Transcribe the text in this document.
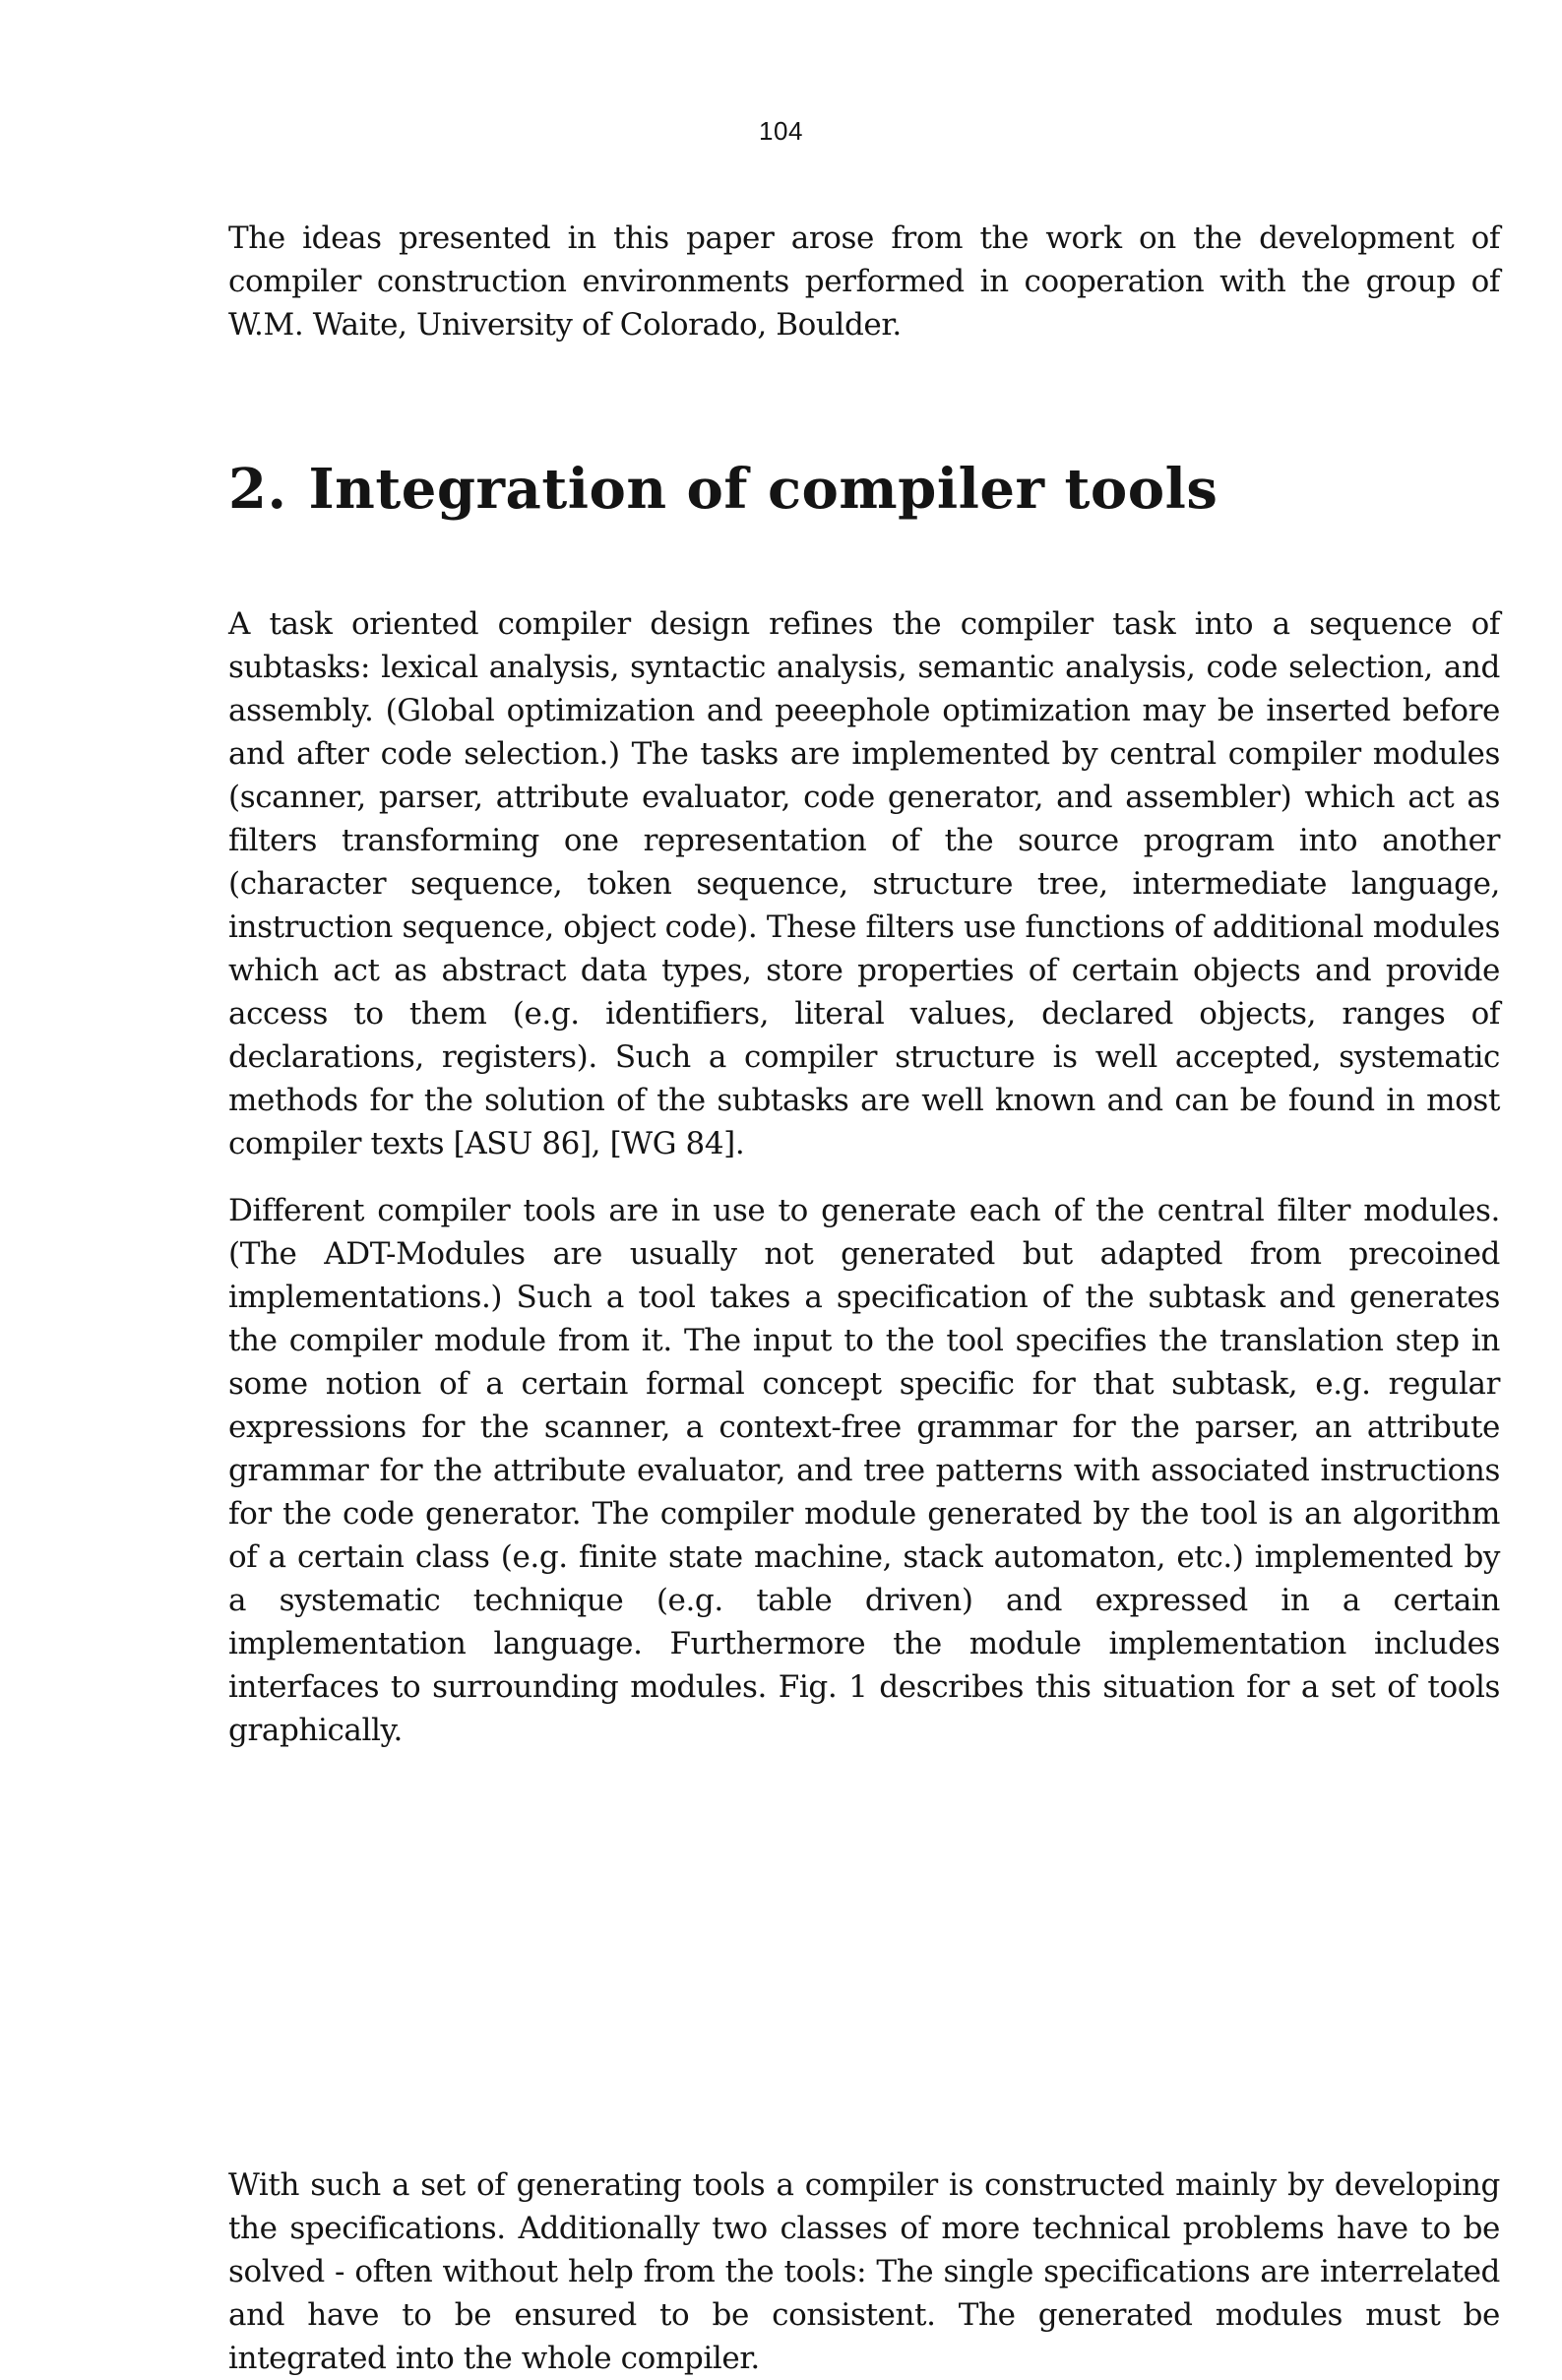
104

The ideas presented in this paper arose from the work on the development of compiler construction environments performed in cooperation with the group of W.M. Waite, University of Colorado, Boulder.

2. Integration of compiler tools

A task oriented compiler design refines the compiler task into a sequence of subtasks: lexical analysis, syntactic analysis, semantic analysis, code selection, and assembly. (Global optimization and peeephole optimization may be inserted before and after code selection.) The tasks are implemented by central compiler modules (scanner, parser, attribute evaluator, code generator, and assembler) which act as filters transforming one representation of the source program into another (character sequence, token sequence, structure tree, intermediate language, instruction sequence, object code). These filters use functions of additional modules which act as abstract data types, store properties of certain objects and provide access to them (e.g. identifiers, literal values, declared objects, ranges of declarations, registers). Such a compiler structure is well accepted, systematic methods for the solution of the subtasks are well known and can be found in most compiler texts [ASU 86], [WG 84].

Different compiler tools are in use to generate each of the central filter modules. (The ADT-Modules are usually not generated but adapted from precoined implementations.) Such a tool takes a specification of the subtask and generates the compiler module from it. The input to the tool specifies the translation step in some notion of a certain formal concept specific for that subtask, e.g. regular expressions for the scanner, a context-free grammar for the parser, an attribute grammar for the attribute evaluator, and tree patterns with associated instructions for the code generator. The compiler module generated by the tool is an algorithm of a certain class (e.g. finite state machine, stack automaton, etc.) implemented by a systematic technique (e.g. table driven) and expressed in a certain implementation language. Furthermore the module implementation includes interfaces to surrounding modules. Fig. 1 describes this situation for a set of tools graphically.

With such a set of generating tools a compiler is constructed mainly by developing the specifications. Additionally two classes of more technical problems have to be solved - often without help from the tools: The single specifications are interrelated and have to be ensured to be consistent. The generated modules must be integrated into the whole compiler.
